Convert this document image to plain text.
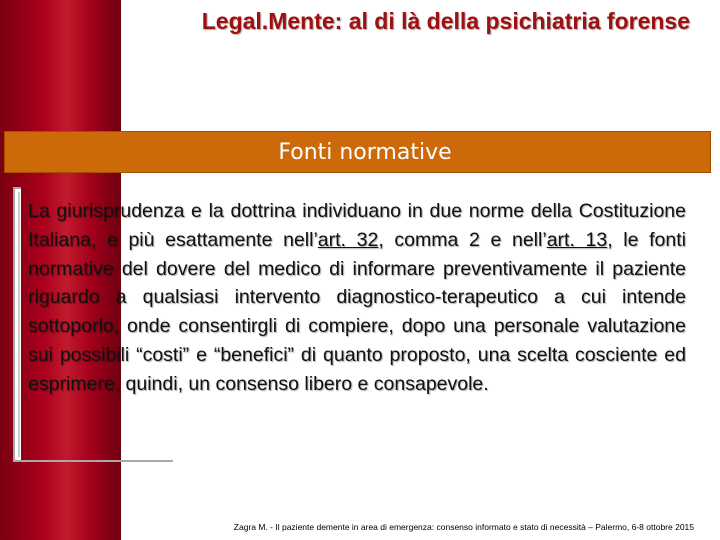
Legal.Mente: al di là della psichiatria forense
Fonti normative
La giurisprudenza e la dottrina individuano in due norme della Costituzione Italiana, e più esattamente nell’art. 32, comma 2 e nell’art. 13, le fonti normative del dovere del medico di informare preventivamente il paziente riguardo a qualsiasi intervento diagnostico-terapeutico a cui intende sottoporlo, onde consentirgli di compiere, dopo una personale valutazione sui possibili “costi” e “benefici” di quanto proposto, una scelta cosciente ed esprimere, quindi, un consenso libero e consapevole.
Zagra M. - Il paziente demente in area di emergenza: consenso informato e stato di necessità – Palermo, 6-8 ottobre 2015
